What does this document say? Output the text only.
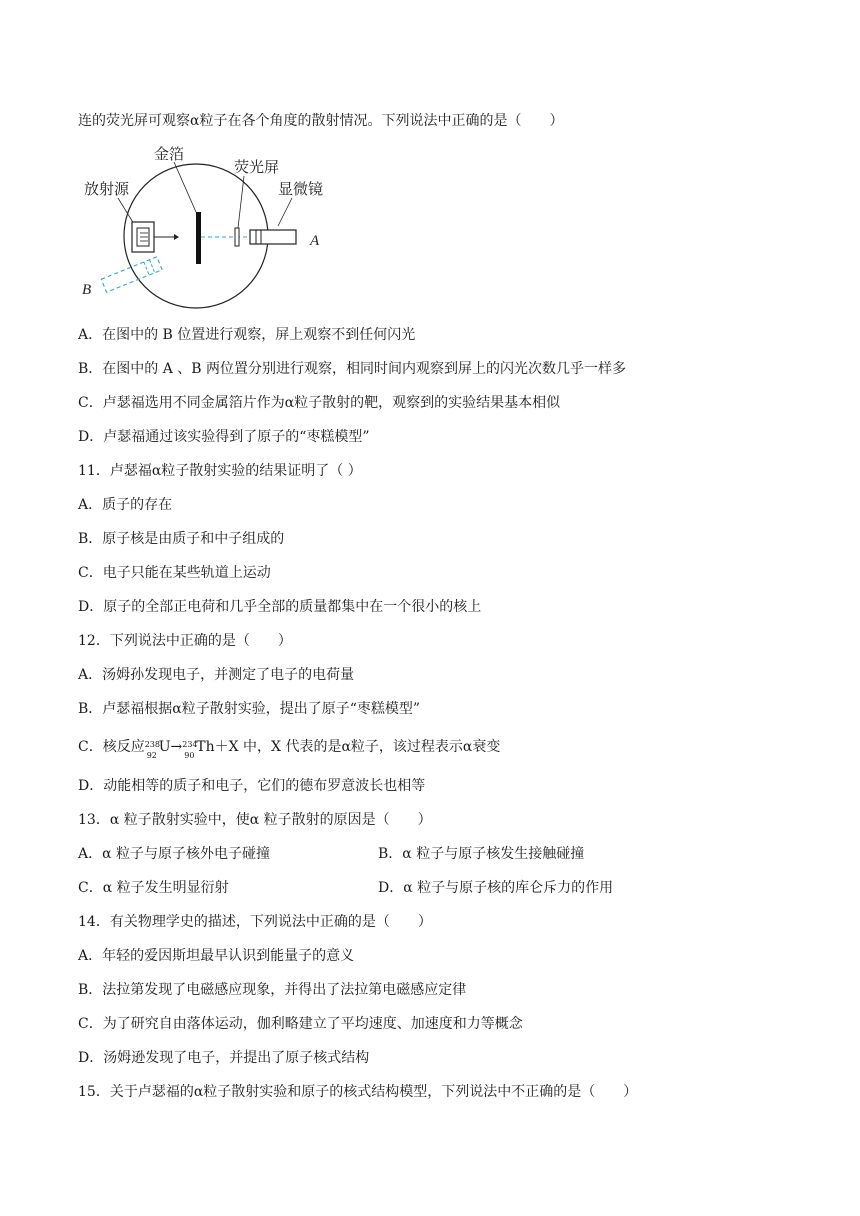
连的荧光屏可观察α粒子在各个角度的散射情况。下列说法中正确的是（　　）
金箔
荧光屏
放射源	显微镜
A
B
A．在图中的 B 位置进行观察，屏上观察不到任何闪光
B．在图中的 A 、B 两位置分别进行观察，相同时间内观察到屏上的闪光次数几乎一样多
C．卢瑟福选用不同金属箔片作为α粒子散射的靶，观察到的实验结果基本相似
D．卢瑟福通过该实验得到了原子的“枣糕模型”
11．卢瑟福α粒子散射实验的结果证明了（ ）
A．质子的存在
B．原子核是由质子和中子组成的
C．电子只能在某些轨道上运动
D．原子的全部正电荷和几乎全部的质量都集中在一个很小的核上
12．下列说法中正确的是（　　）
A．汤姆孙发现电子，并测定了电子的电荷量
B．卢瑟福根据α粒子散射实验，提出了原子“枣糕模型”
C．核反应 238
92
U→ 234
90
Th＋X 中，X 代表的是α粒子，该过程表示α衰变
D．动能相等的质子和电子，它们的德布罗意波长也相等
13．α 粒子散射实验中，使α 粒子散射的原因是（　　）
A．α 粒子与原子核外电子碰撞	B．α 粒子与原子核发生接触碰撞
C．α 粒子发生明显衍射	D．α 粒子与原子核的库仑斥力的作用
14．有关物理学史的描述，下列说法中正确的是（　　）
A．年轻的爱因斯坦最早认识到能量子的意义
B．法拉第发现了电磁感应现象，并得出了法拉第电磁感应定律
C．为了研究自由落体运动，伽利略建立了平均速度、加速度和力等概念
D．汤姆逊发现了电子，并提出了原子核式结构
15．关于卢瑟福的α粒子散射实验和原子的核式结构模型，下列说法中不正确的是（　　）
